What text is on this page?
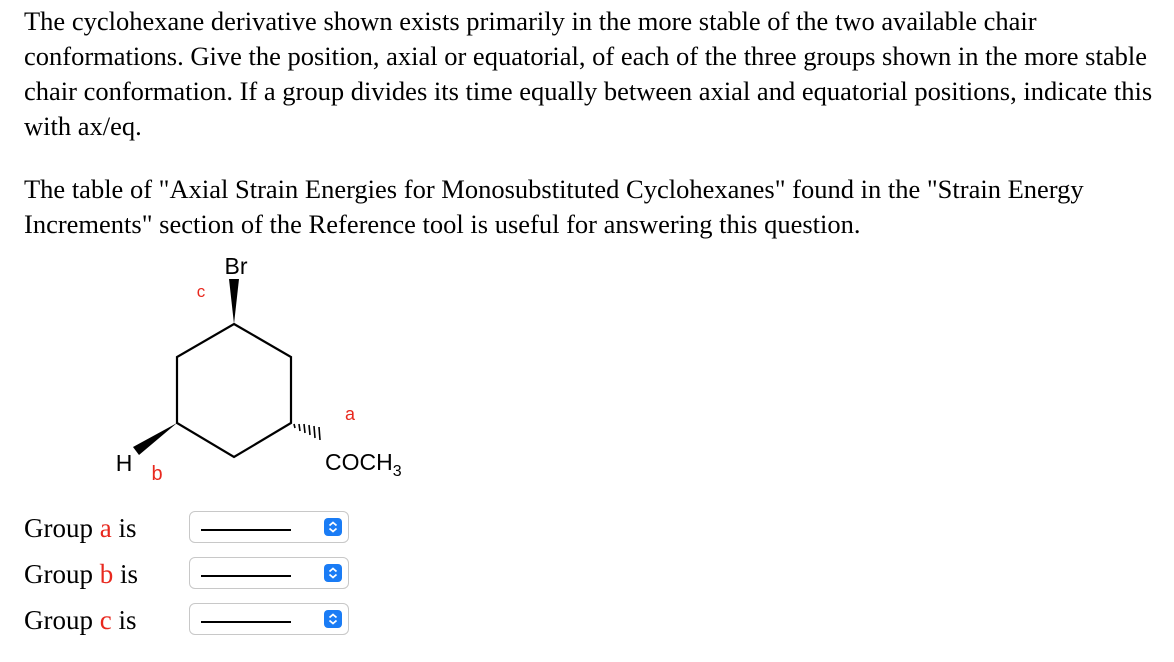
The cyclohexane derivative shown exists primarily in the more stable of the two available chair conformations. Give the position, axial or equatorial, of each of the three groups shown in the more stable chair conformation. If a group divides its time equally between axial and equatorial positions, indicate this with ax/eq.
The table of "Axial Strain Energies for Monosubstituted Cyclohexanes" found in the "Strain Energy Increments" section of the Reference tool is useful for answering this question.
Br
c
a
$COCH_3$
H b
Group a is
Group b is
Group c is
